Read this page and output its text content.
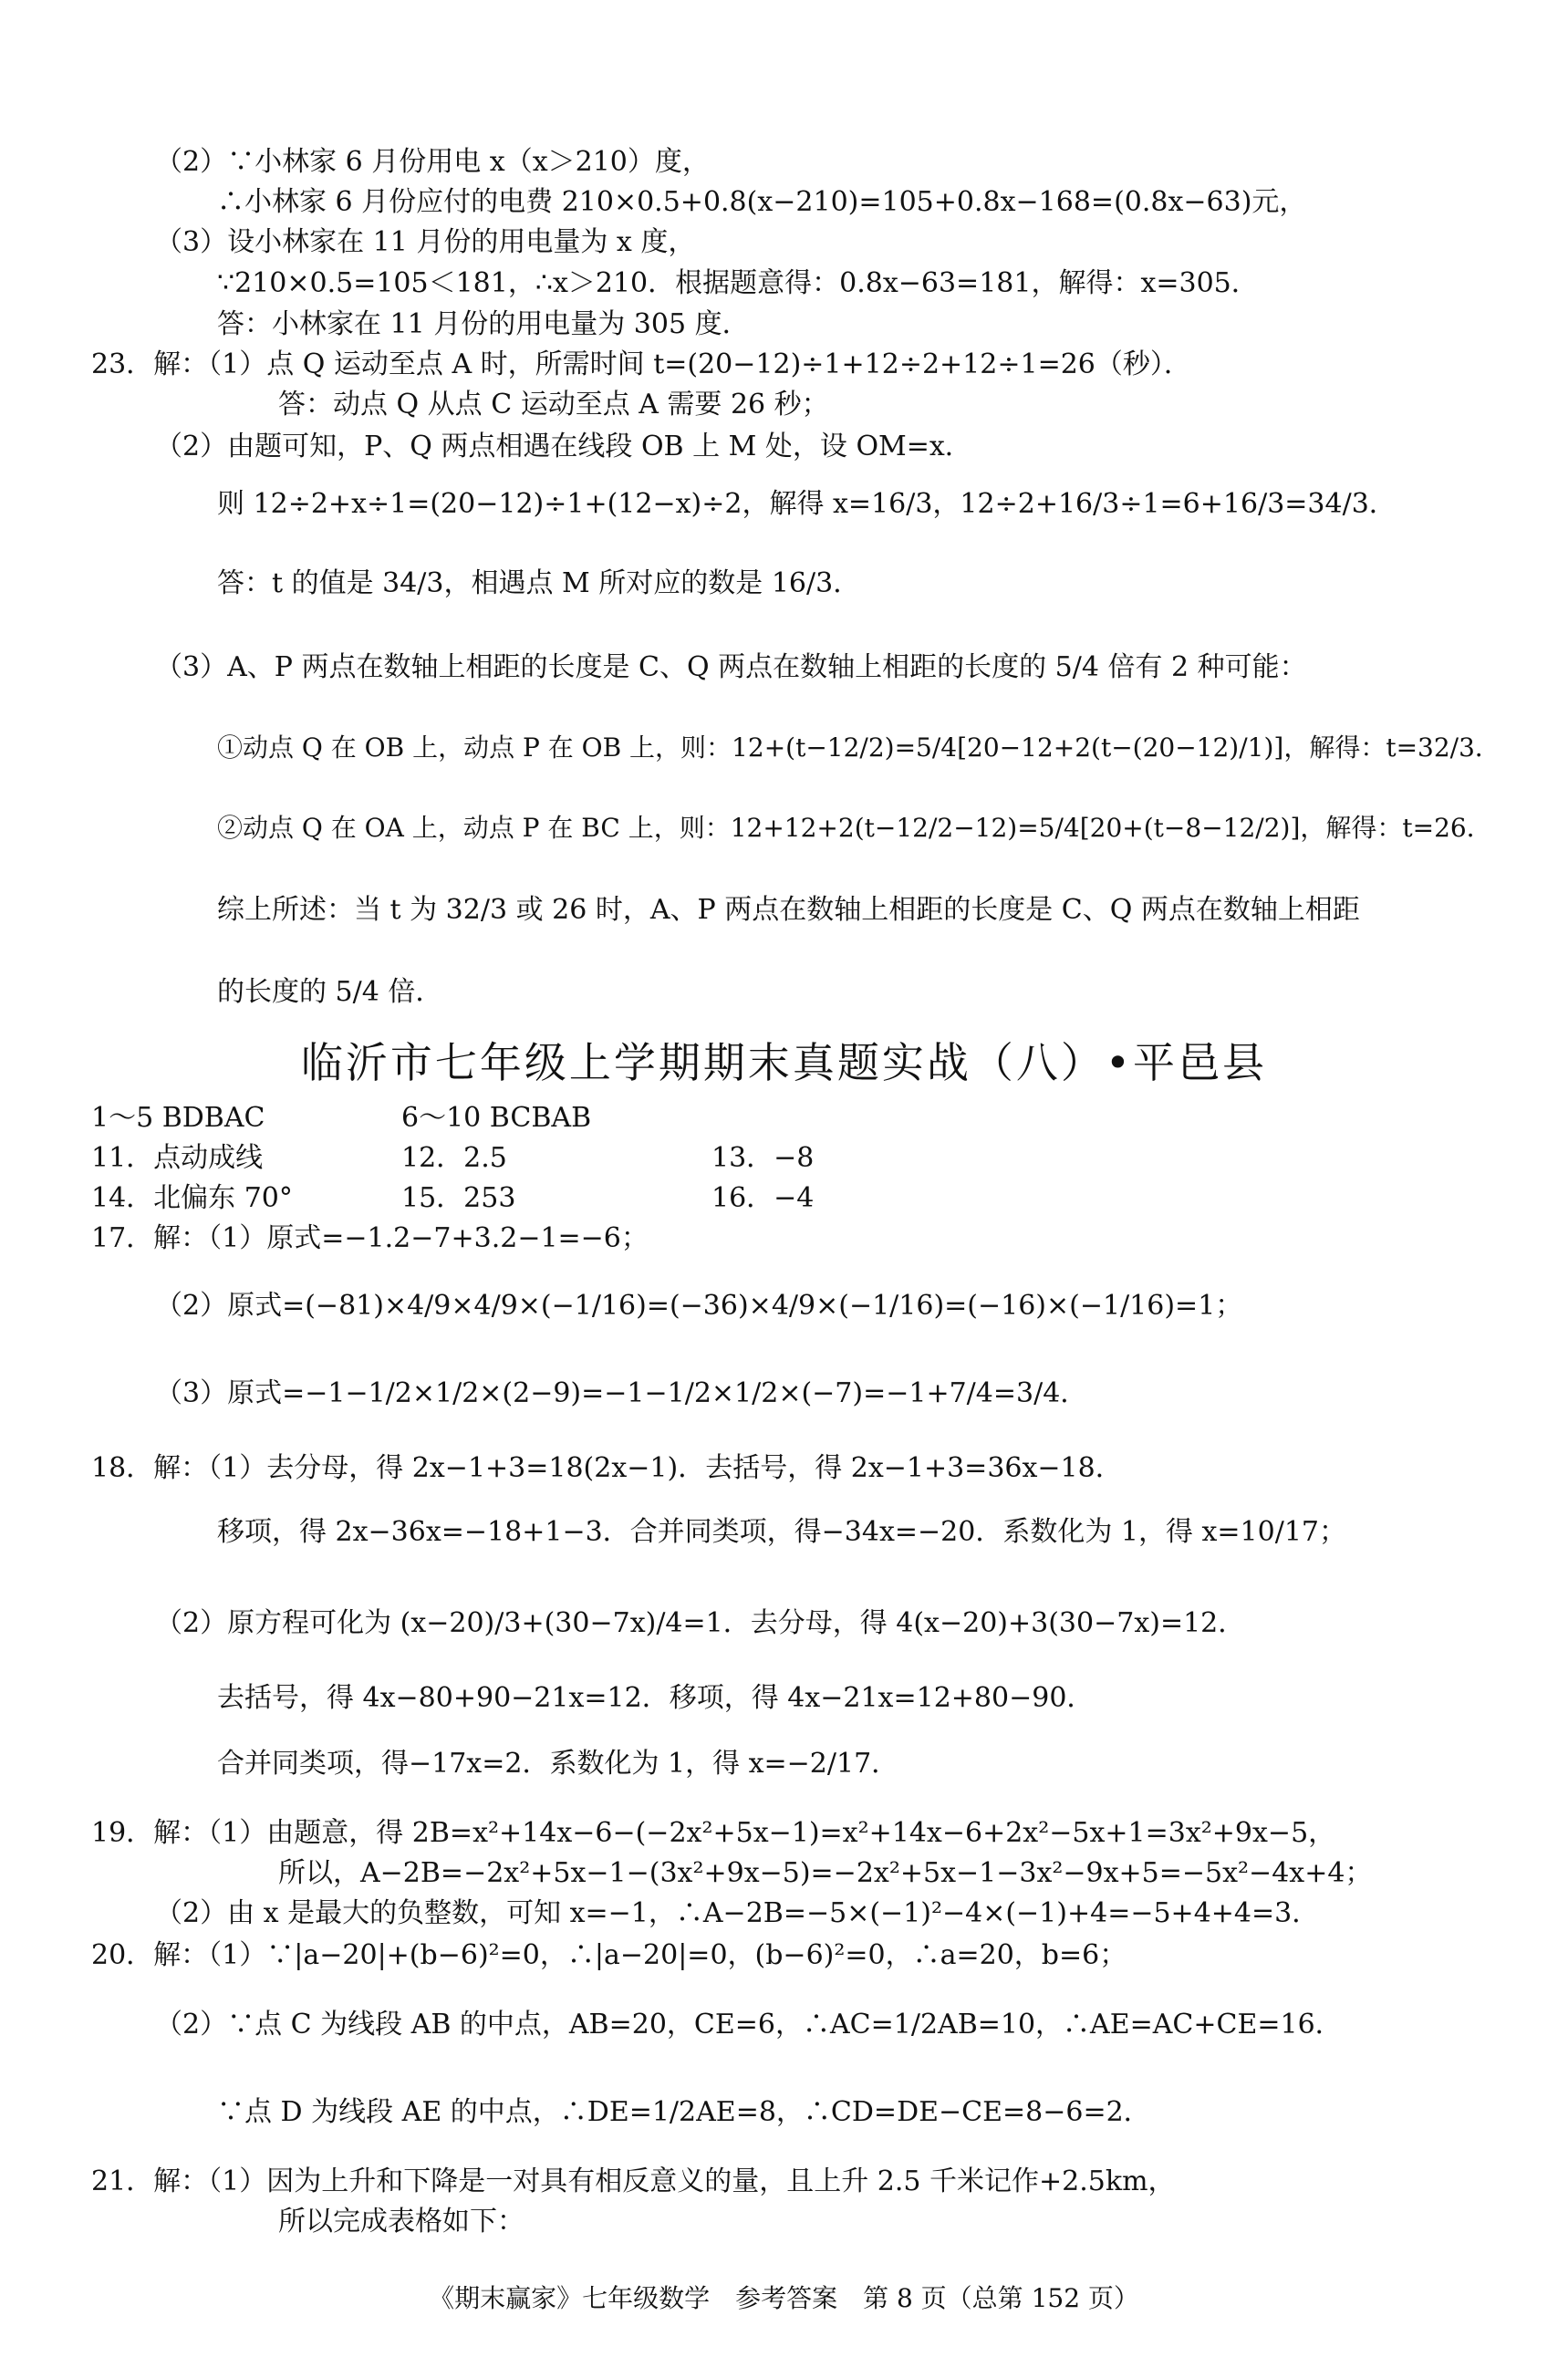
（2）∵小林家 6 月份用电 x（x＞210）度，
∴小林家 6 月份应付的电费 210×0.5+0.8(x−210)=105+0.8x−168=(0.8x−63)元，
（3）设小林家在 11 月份的用电量为 x 度，
∵210×0.5=105＜181，∴x＞210．根据题意得：0.8x−63=181，解得：x=305．
答：小林家在 11 月份的用电量为 305 度．
23．解：（1）点 Q 运动至点 A 时，所需时间 t=(20−12)÷1+12÷2+12÷1=26（秒）．
答：动点 Q 从点 C 运动至点 A 需要 26 秒；
（2）由题可知，P、Q 两点相遇在线段 OB 上 M 处，设 OM=x．
则 12÷2+x÷1=(20−12)÷1+(12−x)÷2，解得 x=16/3，12÷2+16/3÷1=6+16/3=34/3．
答：t 的值是 34/3，相遇点 M 所对应的数是 16/3．
（3）A、P 两点在数轴上相距的长度是 C、Q 两点在数轴上相距的长度的 5/4 倍有 2 种可能：
①动点 Q 在 OB 上，动点 P 在 OB 上，则：12+(t−12/2)=5/4[20−12+2(t−(20−12)/1)]，解得：t=32/3．
②动点 Q 在 OA 上，动点 P 在 BC 上，则：12+12+2(t−12/2−12)=5/4[20+(t−8−12/2)]，解得：t=26．
综上所述：当 t 为 32/3 或 26 时，A、P 两点在数轴上相距的长度是 C、Q 两点在数轴上相距
的长度的 5/4 倍．
临沂市七年级上学期期末真题实战（八）•平邑县
1～5 BDBAC	6～10 BCBAB
11．点动成线	12．2.5	13．−8
14．北偏东 70°	15．253	16．−4
17．解：（1）原式=−1.2−7+3.2−1=−6；
（2）原式=(−81)×4/9×4/9×(−1/16)=(−36)×4/9×(−1/16)=(−16)×(−1/16)=1；
（3）原式=−1−1/2×1/2×(2−9)=−1−1/2×1/2×(−7)=−1+7/4=3/4．
18．解：（1）去分母，得 2x−1+3=18(2x−1)．去括号，得 2x−1+3=36x−18．
移项，得 2x−36x=−18+1−3．合并同类项，得−34x=−20．系数化为 1，得 x=10/17；
（2）原方程可化为 (x−20)/3+(30−7x)/4=1．去分母，得 4(x−20)+3(30−7x)=12．
去括号，得 4x−80+90−21x=12．移项，得 4x−21x=12+80−90．
合并同类项，得−17x=2．系数化为 1，得 x=−2/17．
19．解：（1）由题意，得 2B=x²+14x−6−(−2x²+5x−1)=x²+14x−6+2x²−5x+1=3x²+9x−5，
所以，A−2B=−2x²+5x−1−(3x²+9x−5)=−2x²+5x−1−3x²−9x+5=−5x²−4x+4；
（2）由 x 是最大的负整数，可知 x=−1，∴A−2B=−5×(−1)²−4×(−1)+4=−5+4+4=3．
20．解：（1）∵|a−20|+(b−6)²=0，∴|a−20|=0，(b−6)²=0，∴a=20，b=6；
（2）∵点 C 为线段 AB 的中点，AB=20，CE=6，∴AC=1/2AB=10，∴AE=AC+CE=16．
∵点 D 为线段 AE 的中点，∴DE=1/2AE=8，∴CD=DE−CE=8−6=2．
21．解：（1）因为上升和下降是一对具有相反意义的量，且上升 2.5 千米记作+2.5km，
所以完成表格如下：
《期末赢家》七年级数学　参考答案　第 8 页（总第 152 页）
